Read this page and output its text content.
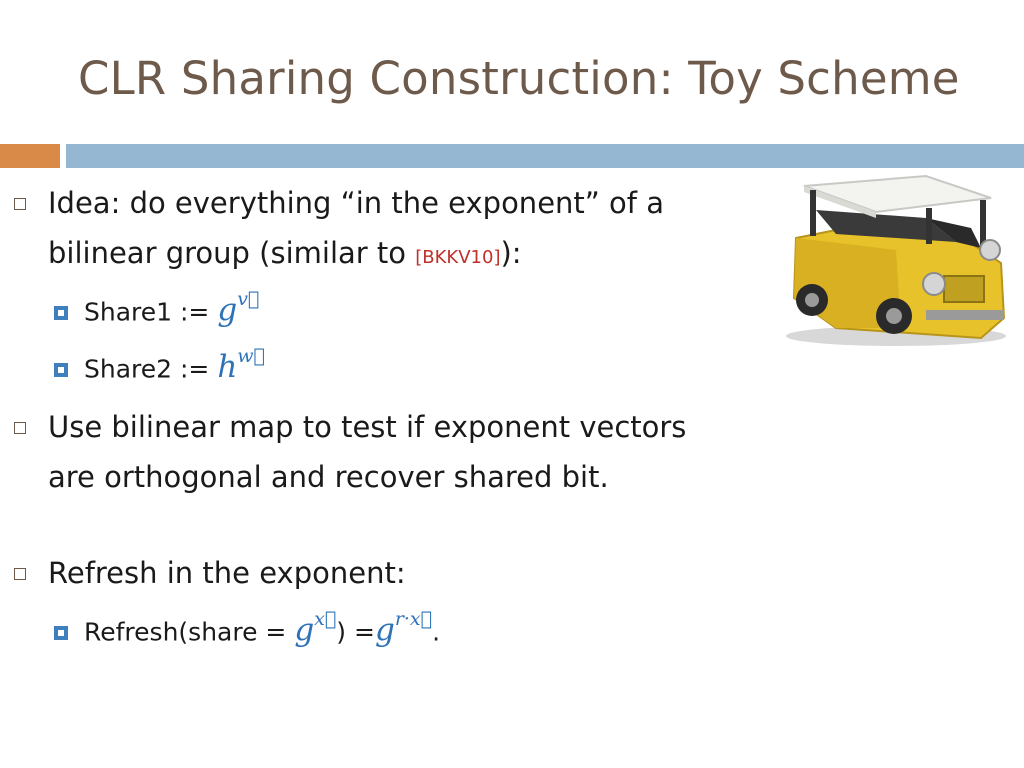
CLR Sharing Construction: Toy Scheme
Idea: do everything “in the exponent” of a
bilinear group (similar to [BKKV10]):
Share1 := $g^{v⃗}$
Share2 := $h^{w⃗}$
Use bilinear map to test if exponent vectors
are orthogonal and recover shared bit.
Refresh in the exponent:
Refresh(share = $g^{x⃗}) =g^{r\cdot x⃗}$.
